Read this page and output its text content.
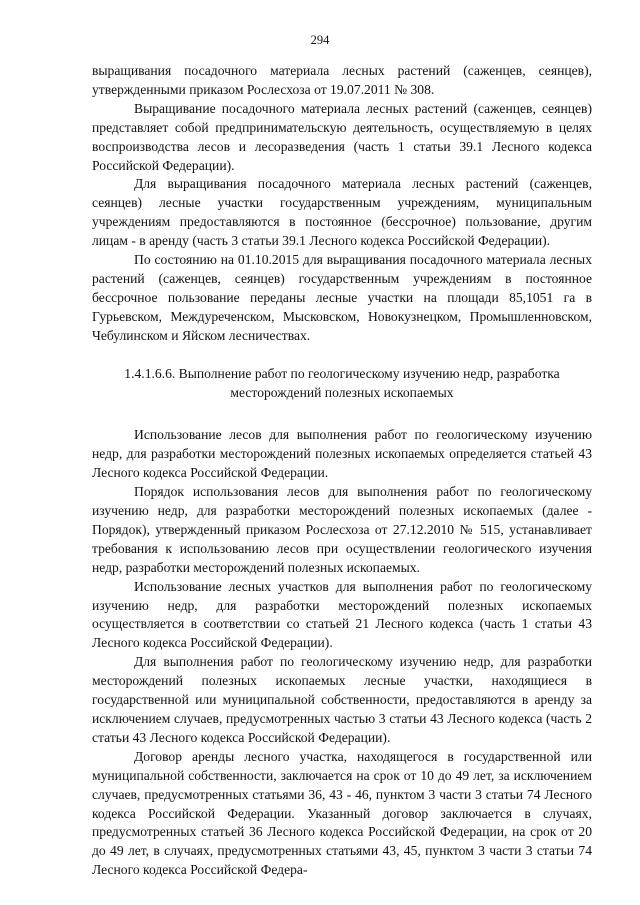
294

выращивания посадочного материала лесных растений (саженцев, сеянцев), утвержденными приказом Рослесхоза от 19.07.2011 № 308.

Выращивание посадочного материала лесных растений (саженцев, сеянцев) представляет собой предпринимательскую деятельность, осуществляемую в целях воспроизводства лесов и лесоразведения (часть 1 статьи 39.1 Лесного кодекса Российской Федерации).

Для выращивания посадочного материала лесных растений (саженцев, сеянцев) лесные участки государственным учреждениям, муниципальным учреждениям предоставляются в постоянное (бессрочное) пользование, другим лицам - в аренду (часть 3 статьи 39.1 Лесного кодекса Российской Федерации).

По состоянию на 01.10.2015 для выращивания посадочного материала лесных растений (саженцев, сеянцев) государственным учреждениям в постоянное бессрочное пользование переданы лесные участки на площади 85,1051 га в Гурьевском, Междуреченском, Мысковском, Новокузнецком, Промышленновском, Чебулинском и Яйском лесничествах.

1.4.1.6.6. Выполнение работ по геологическому изучению недр, разработка
месторождений полезных ископаемых

Использование лесов для выполнения работ по геологическому изучению недр, для разработки месторождений полезных ископаемых определяется статьей 43 Лесного кодекса Российской Федерации.

Порядок использования лесов для выполнения работ по геологическому изучению недр, для разработки месторождений полезных ископаемых (далее - Порядок), утвержденный приказом Рослесхоза от 27.12.2010 № 515, устанавливает требования к использованию лесов при осуществлении геологического изучения недр, разработки месторождений полезных ископаемых.

Использование лесных участков для выполнения работ по геологическому изучению недр, для разработки месторождений полезных ископаемых осуществляется в соответствии со статьей 21 Лесного кодекса (часть 1 статьи 43 Лесного кодекса Российской Федерации).

Для выполнения работ по геологическому изучению недр, для разработки месторождений полезных ископаемых лесные участки, находящиеся в государственной или муниципальной собственности, предоставляются в аренду за исключением случаев, предусмотренных частью 3 статьи 43 Лесного кодекса (часть 2 статьи 43 Лесного кодекса Российской Федерации).

Договор аренды лесного участка, находящегося в государственной или муниципальной собственности, заключается на срок от 10 до 49 лет, за исключением случаев, предусмотренных статьями 36, 43 - 46, пунктом 3 части 3 статьи 74 Лесного кодекса Российской Федерации. Указанный договор заключается в случаях, предусмотренных статьей 36 Лесного кодекса Российской Федерации, на срок от 20 до 49 лет, в случаях, предусмотренных статьями 43, 45, пунктом 3 части 3 статьи 74 Лесного кодекса Российской Федера-
